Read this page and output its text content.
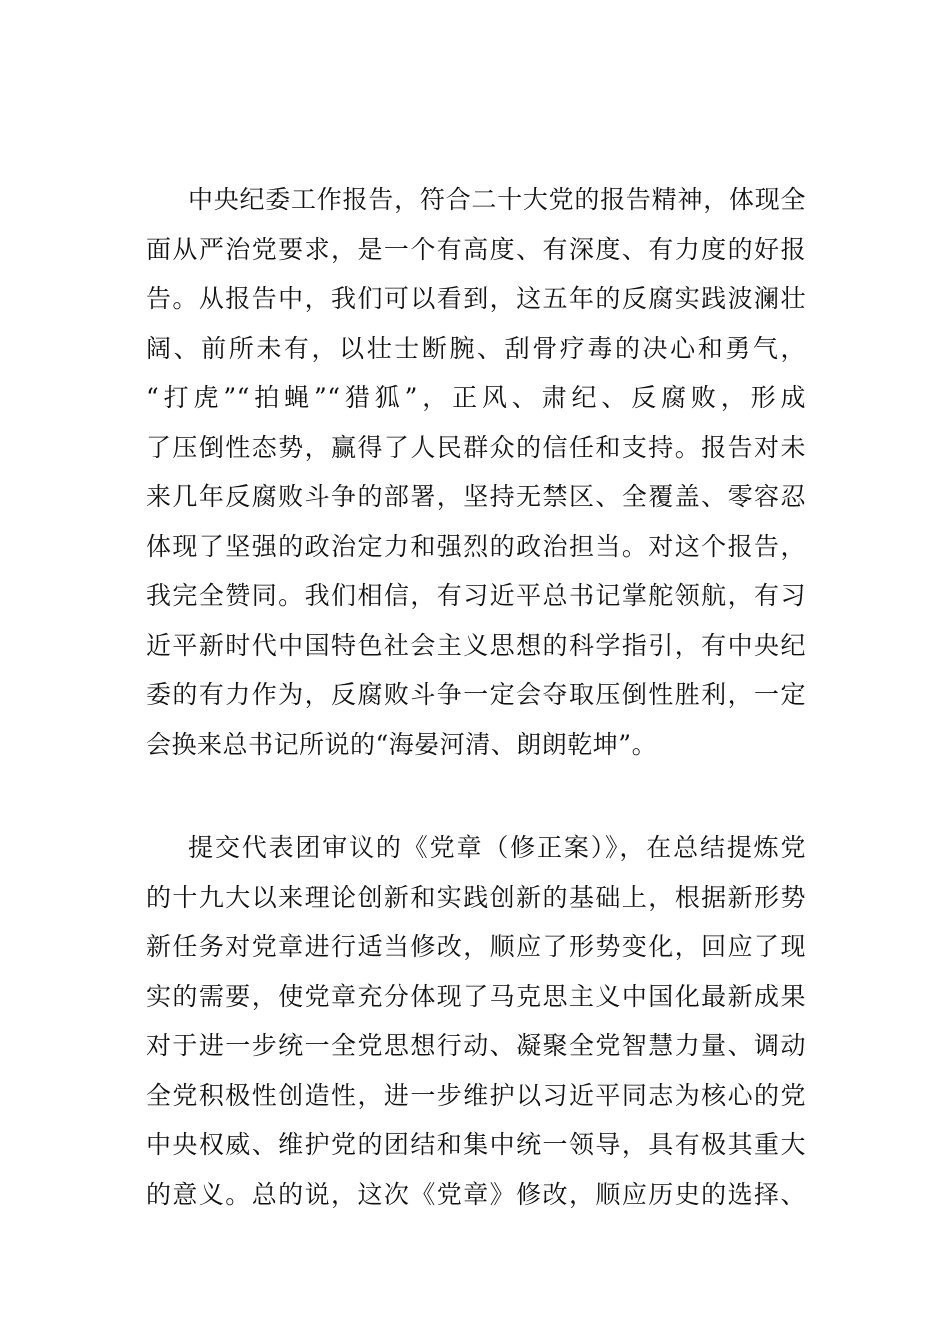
中央纪委工作报告，符合二十大党的报告精神，体现全
面从严治党要求，是一个有高度、有深度、有力度的好报
告。从报告中，我们可以看到，这五年的反腐实践波澜壮
阔、前所未有，以壮士断腕、刮骨疗毒的决心和勇气，
“打虎”“拍蝇”“猎狐”，正风、肃纪、反腐败，形成
了压倒性态势，赢得了人民群众的信任和支持。报告对未
来几年反腐败斗争的部署，坚持无禁区、全覆盖、零容忍
体现了坚强的政治定力和强烈的政治担当。对这个报告，
我完全赞同。我们相信，有习近平总书记掌舵领航，有习
近平新时代中国特色社会主义思想的科学指引，有中央纪
委的有力作为，反腐败斗争一定会夺取压倒性胜利，一定
会换来总书记所说的“海晏河清、朗朗乾坤”。
提交代表团审议的《党章（修正案）》，在总结提炼党
的十九大以来理论创新和实践创新的基础上，根据新形势
新任务对党章进行适当修改，顺应了形势变化，回应了现
实的需要，使党章充分体现了马克思主义中国化最新成果
对于进一步统一全党思想行动、凝聚全党智慧力量、调动
全党积极性创造性，进一步维护以习近平同志为核心的党
中央权威、维护党的团结和集中统一领导，具有极其重大
的意义。总的说，这次《党章》修改，顺应历史的选择、
